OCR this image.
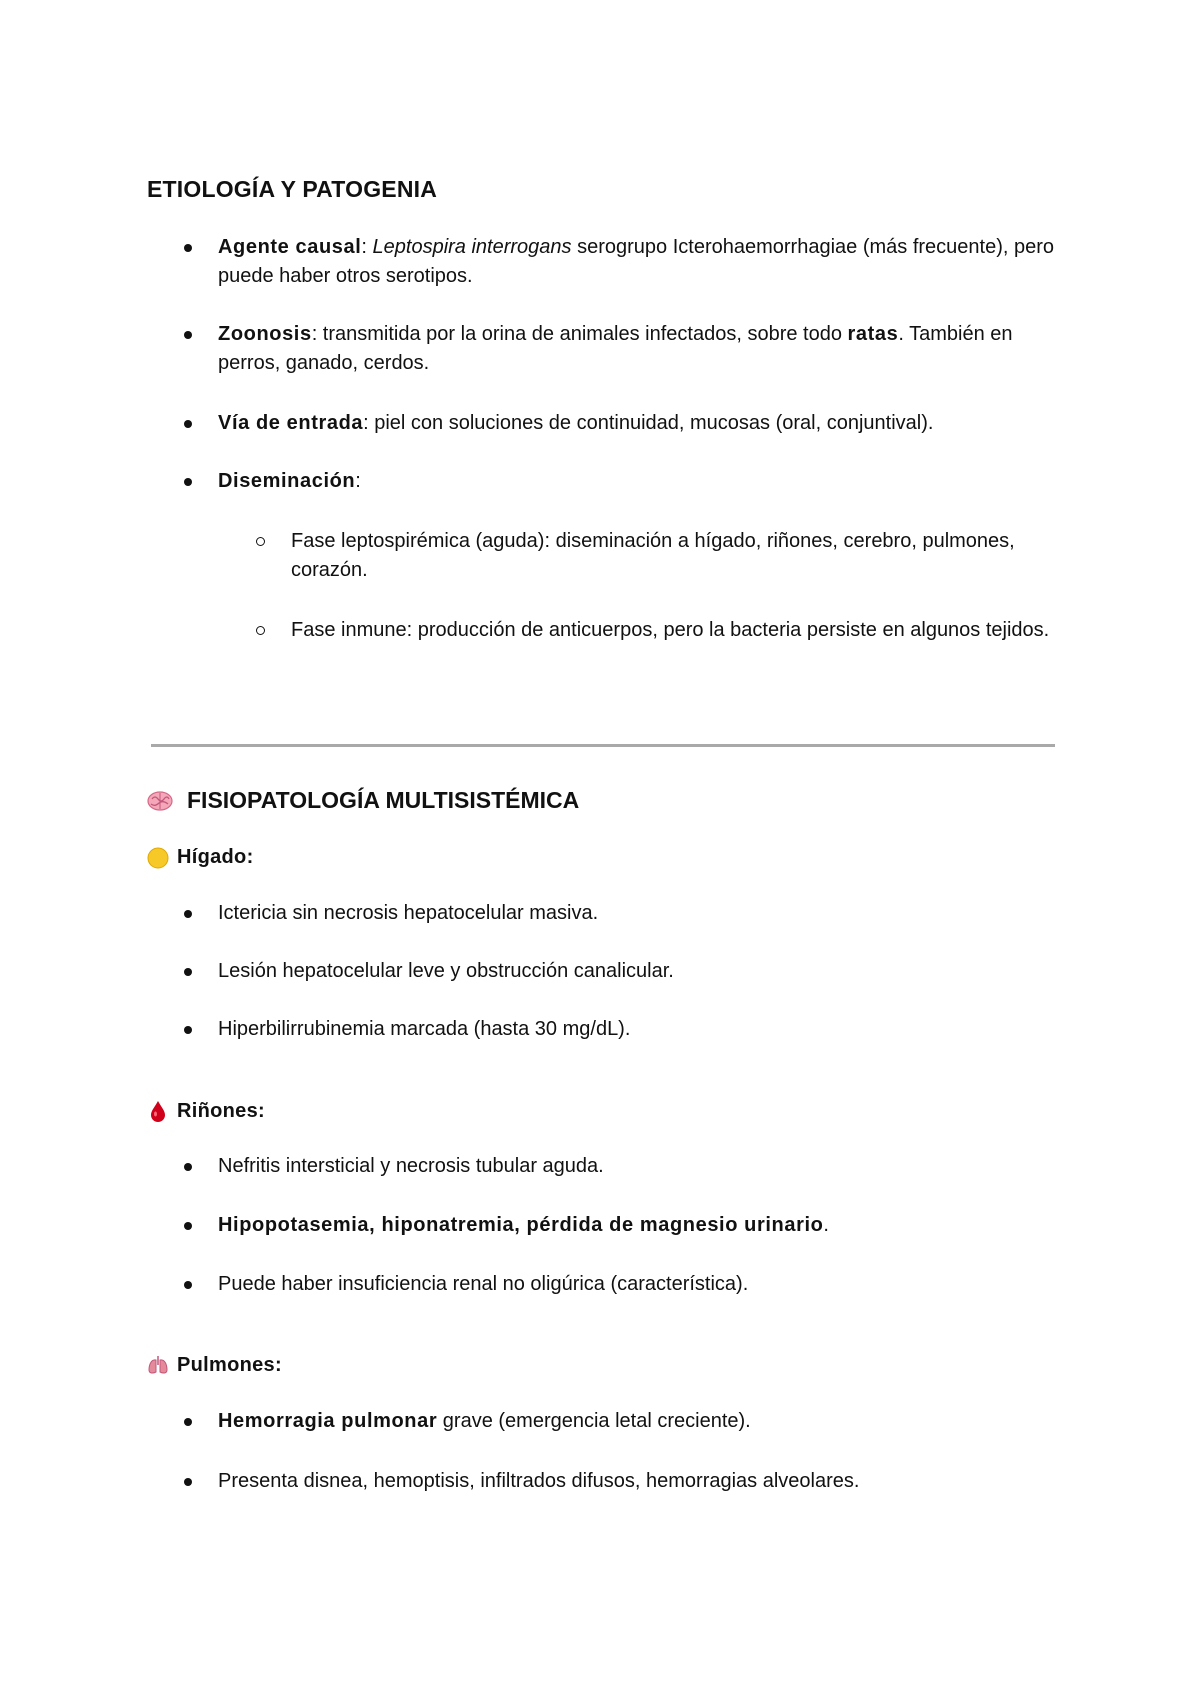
ETIOLOGÍA Y PATOGENIA

Agente causal: Leptospira interrogans serogrupo Icterohaemorrhagiae (más frecuente), pero puede haber otros serotipos.

Zoonosis: transmitida por la orina de animales infectados, sobre todo ratas. También en perros, ganado, cerdos.

Vía de entrada: piel con soluciones de continuidad, mucosas (oral, conjuntival).

Diseminación:

Fase leptospirémica (aguda): diseminación a hígado, riñones, cerebro, pulmones, corazón.

Fase inmune: producción de anticuerpos, pero la bacteria persiste en algunos tejidos.

FISIOPATOLOGÍA MULTISISTÉMICA
Hígado:

Ictericia sin necrosis hepatocelular masiva.

Lesión hepatocelular leve y obstrucción canalicular.

Hiperbilirrubinemia marcada (hasta 30 mg/dL).

Riñones:

Nefritis intersticial y necrosis tubular aguda.

Hipopotasemia, hiponatremia, pérdida de magnesio urinario.

Puede haber insuficiencia renal no oligúrica (característica).

Pulmones:

Hemorragia pulmonar grave (emergencia letal creciente).

Presenta disnea, hemoptisis, infiltrados difusos, hemorragias alveolares.
